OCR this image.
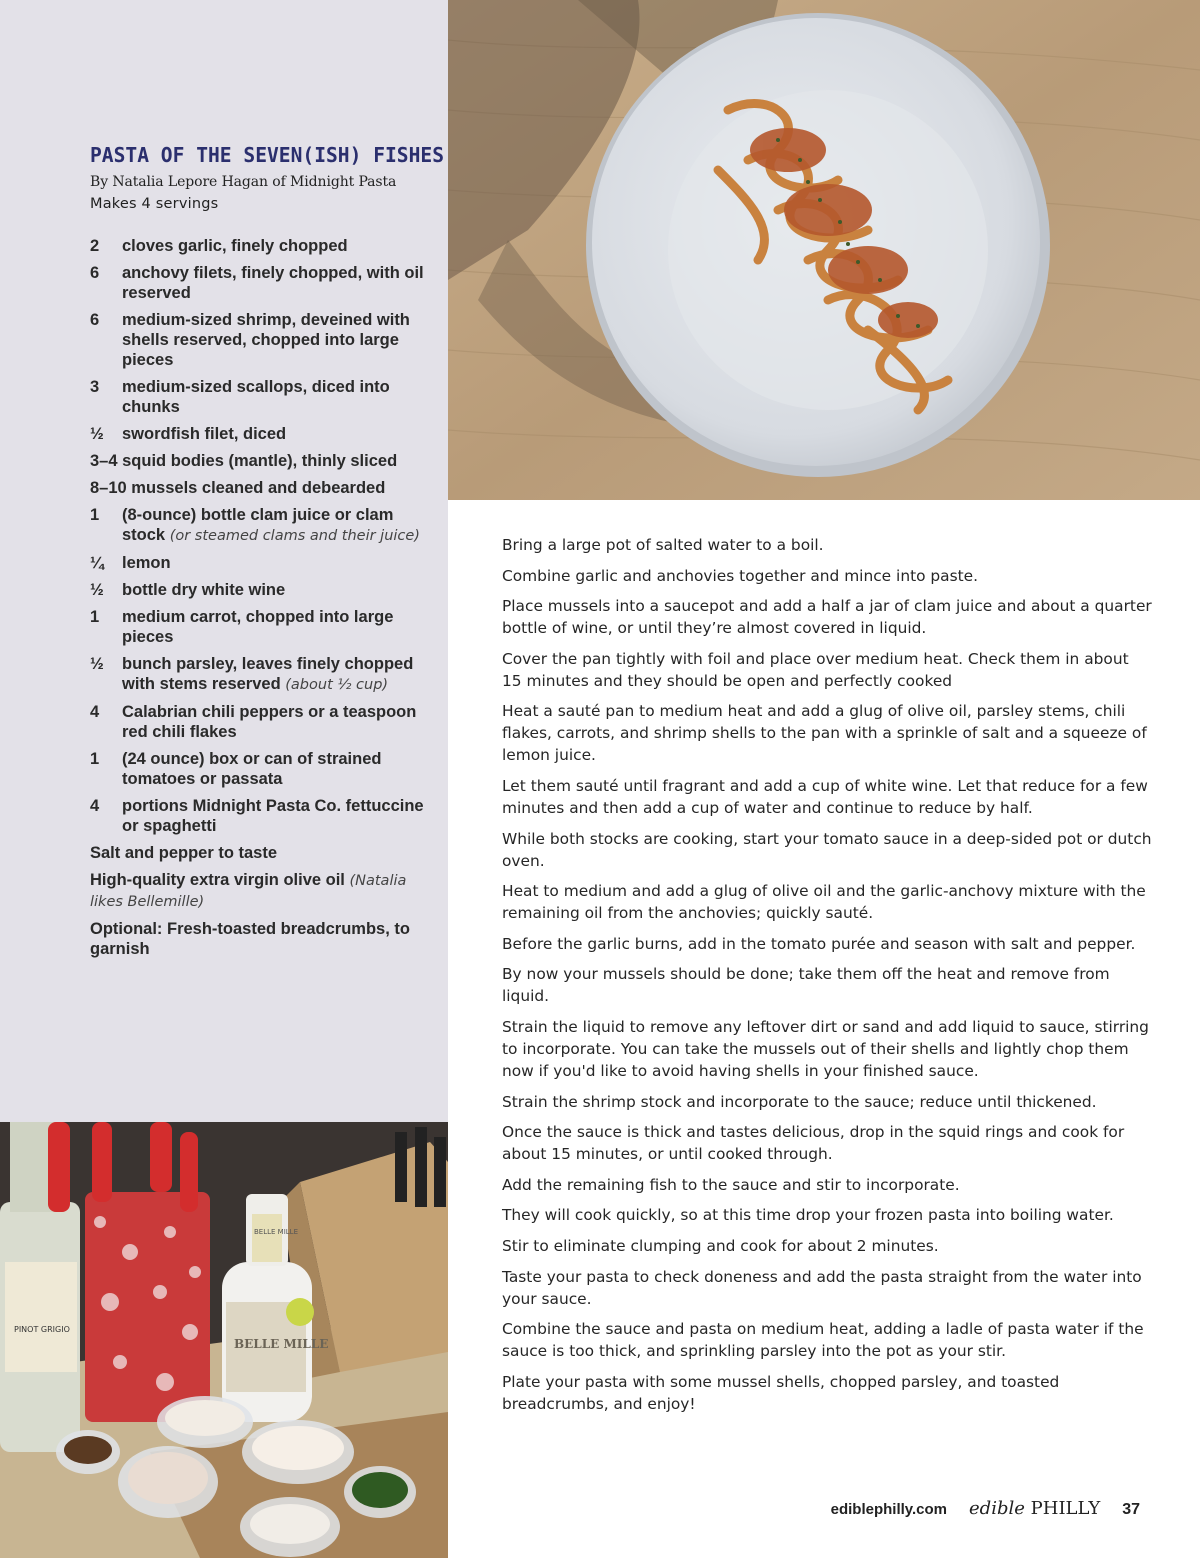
PASTA OF THE SEVEN(ISH) FISHES

By Natalia Lepore Hagan of Midnight Pasta

Makes 4 servings

2	cloves garlic, finely chopped
6	anchovy filets, finely chopped, with oil reserved
6	medium-sized shrimp, deveined with shells reserved, chopped into large pieces
3	medium-sized scallops, diced into chunks
½	swordfish filet, diced
3–4 squid bodies (mantle), thinly sliced
8–10 mussels cleaned and debearded
1	(8-ounce) bottle clam juice or clam stock (or steamed clams and their juice)
¼	lemon
½	bottle dry white wine
1	medium carrot, chopped into large pieces
½	bunch parsley, leaves finely chopped with stems reserved (about ½ cup)
4	Calabrian chili peppers or a teaspoon red chili flakes
1	(24 ounce) box or can of strained tomatoes or passata
4	portions Midnight Pasta Co. fettuccine or spaghetti
Salt and pepper to taste
High-quality extra virgin olive oil (Natalia likes Bellemille)
Optional: Fresh-toasted breadcrumbs, to garnish
PINOT GRIGIO
BELLE MILLE
BELLE MILLE
Bring a large pot of salted water to a boil.
Combine garlic and anchovies together and mince into paste.
Place mussels into a saucepot and add a half a jar of clam juice and about a quarter bottle of wine, or until they’re almost covered in liquid.
Cover the pan tightly with foil and place over medium heat. Check them in about 15 minutes and they should be open and perfectly cooked
Heat a sauté pan to medium heat and add a glug of olive oil, parsley stems, chili flakes, carrots, and shrimp shells to the pan with a sprinkle of salt and a squeeze of lemon juice.
Let them sauté until fragrant and add a cup of white wine. Let that reduce for a few minutes and then add a cup of water and continue to reduce by half.
While both stocks are cooking, start your tomato sauce in a deep-sided pot or dutch oven.
Heat to medium and add a glug of olive oil and the garlic-anchovy mixture with the remaining oil from the anchovies; quickly sauté.
Before the garlic burns, add in the tomato purée and season with salt and pepper.
By now your mussels should be done; take them off the heat and remove from liquid.
Strain the liquid to remove any leftover dirt or sand and add liquid to sauce, stirring to incorporate. You can take the mussels out of their shells and lightly chop them now if you'd like to avoid having shells in your finished sauce.
Strain the shrimp stock and incorporate to the sauce; reduce until thickened.
Once the sauce is thick and tastes delicious, drop in the squid rings and cook for about 15 minutes, or until cooked through.
Add the remaining fish to the sauce and stir to incorporate.
They will cook quickly, so at this time drop your frozen pasta into boiling water.
Stir to eliminate clumping and cook for about 2 minutes.
Taste your pasta to check doneness and add the pasta straight from the water into your sauce.
Combine the sauce and pasta on medium heat, adding a ladle of pasta water if the sauce is too thick, and sprinkling parsley into the pot as your stir.
Plate your pasta with some mussel shells, chopped parsley, and toasted breadcrumbs, and enjoy!
ediblephilly.com edible PHILLY 37
